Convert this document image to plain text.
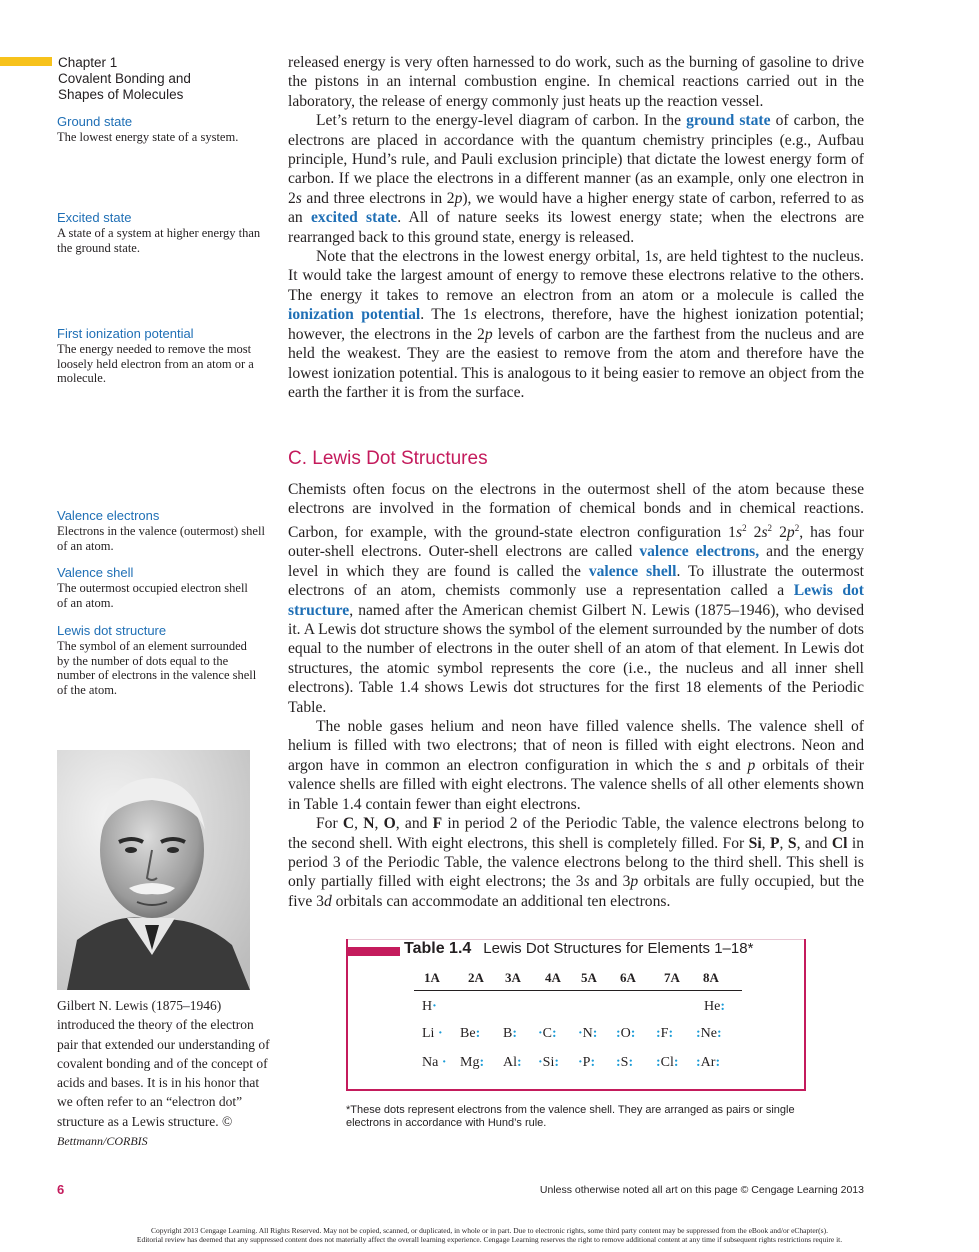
Chapter 1
Covalent Bonding and
Shapes of Molecules
Ground state
The lowest energy state of a system.
Excited state
A state of a system at higher energy than the ground state.
First ionization potential
The energy needed to remove the most loosely held electron from an atom or a molecule.
Valence electrons
Electrons in the valence (outermost) shell of an atom.
Valence shell
The outermost occupied electron shell of an atom.
Lewis dot structure
The symbol of an element surrounded by the number of dots equal to the number of electrons in the valence shell of the atom.
Gilbert N. Lewis (1875–1946) introduced the theory of the electron pair that extended our understanding of covalent bonding and of the concept of acids and bases. It is in his honor that we often refer to an “electron dot” structure as a Lewis structure. © Bettmann/CORBIS

released energy is very often harnessed to do work, such as the burning of gasoline to drive the pistons in an internal combustion engine. In chemical reactions carried out in the laboratory, the release of energy commonly just heats up the reaction vessel.

Let’s return to the energy-level diagram of carbon. In the ground state of carbon, the electrons are placed in accordance with the quantum chemistry principles (e.g., Aufbau principle, Hund’s rule, and Pauli exclusion principle) that dictate the lowest energy form of carbon. If we place the electrons in a different manner (as an example, only one electron in 2s and three electrons in 2p), we would have a higher energy state of carbon, referred to as an excited state. All of nature seeks its lowest energy state; when the electrons are rearranged back to this ground state, energy is released.

Note that the electrons in the lowest energy orbital, 1s, are held tightest to the nucleus. It would take the largest amount of energy to remove these electrons relative to the others. The energy it takes to remove an electron from an atom or a molecule is called the ionization potential. The 1s electrons, therefore, have the highest ionization potential; however, the electrons in the 2p levels of carbon are the farthest from the nucleus and are held the weakest. They are the easiest to remove from the atom and therefore have the lowest ionization potential. This is analogous to it being easier to remove an object from the earth the farther it is from the surface.

C. Lewis Dot Structures

Chemists often focus on the electrons in the outermost shell of the atom because these electrons are involved in the formation of chemical bonds and in chemical reactions. Carbon, for example, with the ground-state electron configuration $1s^2$ $2s^2$ $2p^2$, has four outer-shell electrons. Outer-shell electrons are called valence electrons, and the energy level in which they are found is called the valence shell. To illustrate the outermost electrons of an atom, chemists commonly use a representation called a Lewis dot structure, named after the American chemist Gilbert N. Lewis (1875–1946), who devised it. A Lewis dot structure shows the symbol of the element surrounded by the number of dots equal to the number of electrons in the outer shell of an atom of that element. In Lewis dot structures, the atomic symbol represents the core (i.e., the nucleus and all inner shell electrons). Table 1.4 shows Lewis dot structures for the first 18 elements of the Periodic Table.

The noble gases helium and neon have filled valence shells. The valence shell of helium is filled with two electrons; that of neon is filled with eight electrons. Neon and argon have in common an electron configuration in which the s and p orbitals of their valence shells are filled with eight electrons. The valence shells of all other elements shown in Table 1.4 contain fewer than eight electrons.

For C, N, O, and F in period 2 of the Periodic Table, the valence electrons belong to the second shell. With eight electrons, this shell is completely filled. For Si, P, S, and Cl in period 3 of the Periodic Table, the valence electrons belong to the third shell. This shell is only partially filled with eight electrons; the 3s and 3p orbitals are fully occupied, but the five 3d orbitals can accommodate an additional ten electrons.

Table 1.4 Lewis Dot Structures for Elements 1–18*
1A 2A 3A 4A 5A 6A 7A 8A
H·	He:
Li · Be: B: ·C: ·N: :O: :F: :Ne:
Na · Mg: Al: ·Si: ·P: :S: :Cl: :Ar:
*These dots represent electrons from the valence shell. They are arranged as pairs or single electrons in accordance with Hund’s rule.
6	Unless otherwise noted all art on this page © Cengage Learning 2013
Copyright 2013 Cengage Learning. All Rights Reserved. May not be copied, scanned, or duplicated, in whole or in part. Due to electronic rights, some third party content may be suppressed from the eBook and/or eChapter(s).
Editorial review has deemed that any suppressed content does not materially affect the overall learning experience. Cengage Learning reserves the right to remove additional content at any time if subsequent rights restrictions require it.
